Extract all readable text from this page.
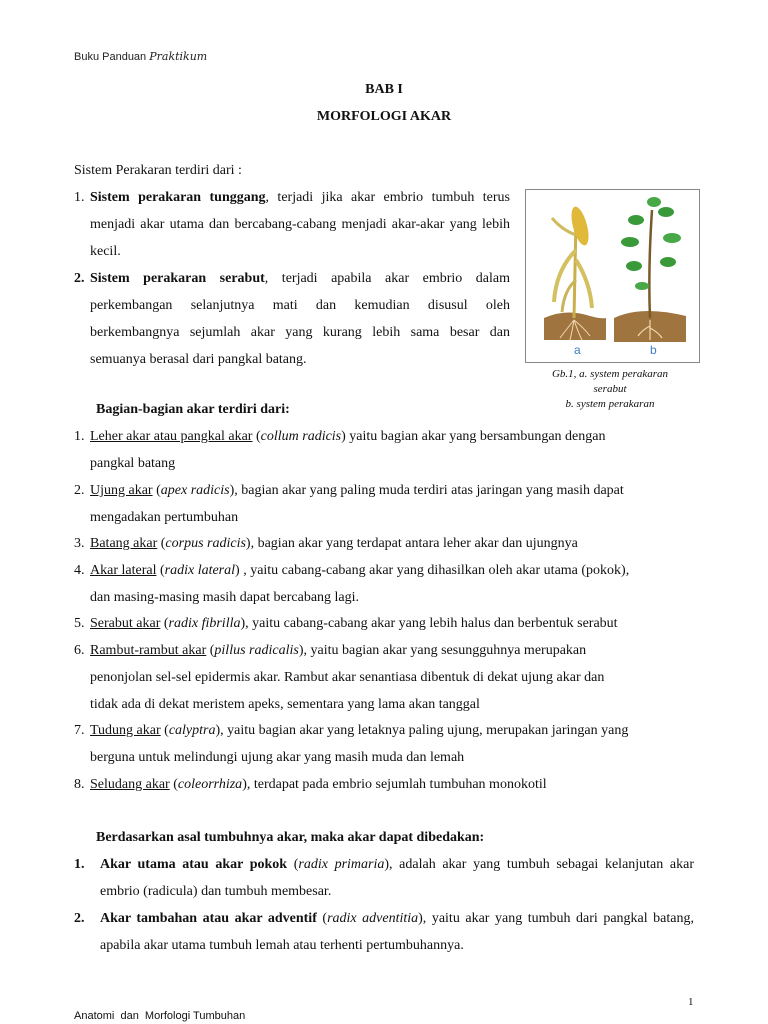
Buku Panduan Praktikum
BAB I
MORFOLOGI AKAR
Sistem Perakaran terdiri dari :
1. Sistem perakaran tunggang, terjadi jika akar embrio tumbuh terus menjadi akar utama dan bercabang-cabang menjadi akar-akar yang lebih kecil.
2. Sistem perakaran serabut, terjadi apabila akar embrio dalam perkembangan selanjutnya mati dan kemudian disusul oleh berkembangnya sejumlah akar yang kurang lebih sama besar dan semuanya berasal dari pangkal batang.
a	b
Gb.1, a. system perakaran
serabut
b. system perakaran
Bagian-bagian akar terdiri dari:
1. Leher akar atau pangkal akar (collum radicis) yaitu bagian akar yang bersambungan dengan
pangkal batang
2. Ujung akar (apex radicis), bagian akar yang paling muda terdiri atas jaringan yang masih dapat
mengadakan pertumbuhan
3. Batang akar (corpus radicis), bagian akar yang terdapat antara leher akar dan ujungnya
4. Akar lateral (radix lateral) , yaitu cabang-cabang akar yang dihasilkan oleh akar utama (pokok),
dan masing-masing masih dapat bercabang lagi.
5. Serabut akar (radix fibrilla), yaitu cabang-cabang akar yang lebih halus dan berbentuk serabut
6. Rambut-rambut akar (pillus radicalis), yaitu bagian akar yang sesungguhnya merupakan
penonjolan sel-sel epidermis akar. Rambut akar senantiasa dibentuk di dekat ujung akar dan
tidak ada di dekat meristem apeks, sementara yang lama akan tanggal
7. Tudung akar (calyptra), yaitu bagian akar yang letaknya paling ujung, merupakan jaringan yang
berguna untuk melindungi ujung akar yang masih muda dan lemah
8. Seludang akar (coleorrhiza), terdapat pada embrio sejumlah tumbuhan monokotil
Berdasarkan asal tumbuhnya akar, maka akar dapat dibedakan:
1. Akar utama atau akar pokok (radix primaria), adalah akar yang tumbuh sebagai kelanjutan akar embrio (radicula) dan tumbuh membesar.
2. Akar tambahan atau akar adventif (radix adventitia), yaitu akar yang tumbuh dari pangkal batang, apabila akar utama tumbuh lemah atau terhenti pertumbuhannya.
1
Anatomi  dan  Morfologi Tumbuhan
